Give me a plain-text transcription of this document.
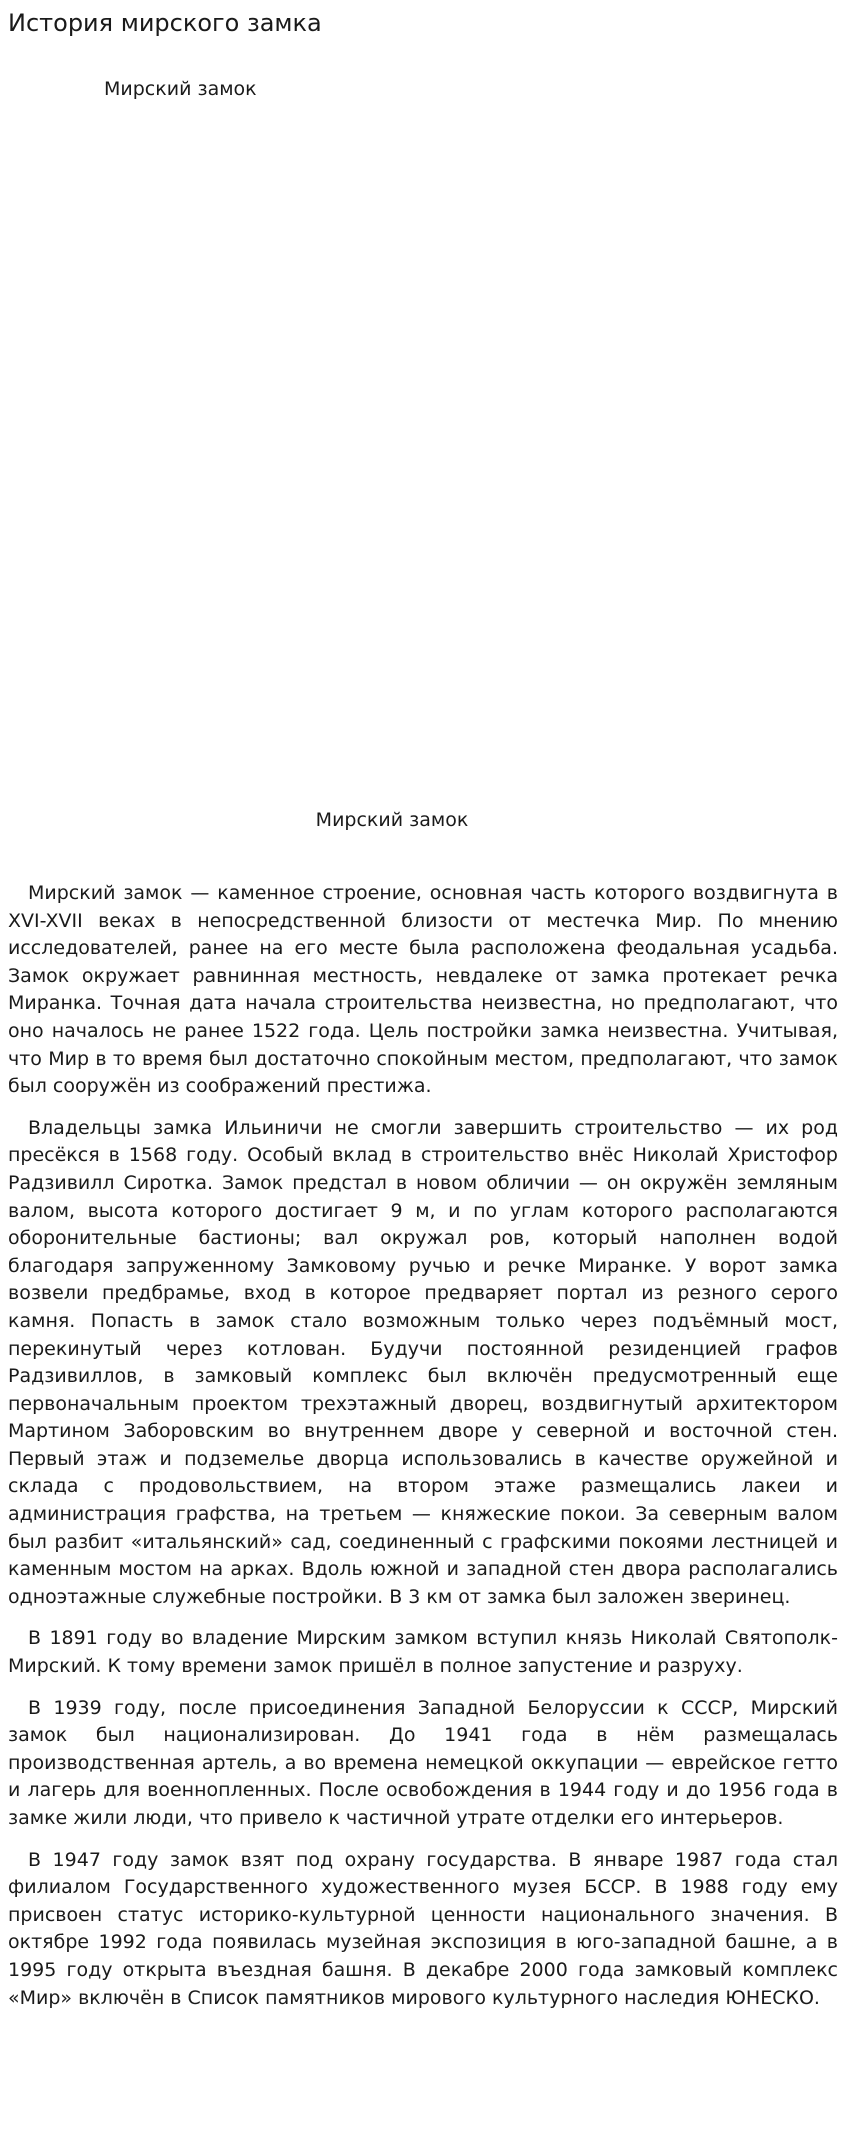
История мирского замка

Мирский замок

Мирский замок

Мирский замок — каменное строение, основная часть которого воздвигнута в XVI-XVII веках в непосредственной близости от местечка Мир. По мнению исследователей, ранее на его месте была расположена феодальная усадьба. Замок окружает равнинная местность, невдалеке от замка протекает речка Миранка. Точная дата начала строительства неизвестна, но предполагают, что оно началось не ранее 1522 года. Цель постройки замка неизвестна. Учитывая, что Мир в то время был достаточно спокойным местом, предполагают, что замок был сооружён из соображений престижа.

Владельцы замка Ильиничи не смогли завершить строительство — их род пресёкся в 1568 году. Особый вклад в строительство внёс Николай Христофор Радзивилл Сиротка. Замок предстал в новом обличии — он окружён земляным валом, высота которого достигает 9 м, и по углам которого располагаются оборонительные бастионы; вал окружал ров, который наполнен водой благодаря запруженному Замковому ручью и речке Миранке. У ворот замка возвели предбрамье, вход в которое предваряет портал из резного серого камня. Попасть в замок стало возможным только через подъёмный мост, перекинутый через котлован. Будучи постоянной резиденцией графов Радзивиллов, в замковый комплекс был включён предусмотренный еще первоначальным проектом трехэтажный дворец, воздвигнутый архитектором Мартином Заборовским во внутреннем дворе у северной и восточной стен. Первый этаж и подземелье дворца использовались в качестве оружейной и склада с продовольствием, на втором этаже размещались лакеи и администрация графства, на третьем — княжеские покои. За северным валом был разбит «итальянский» сад, соединенный с графскими покоями лестницей и каменным мостом на арках. Вдоль южной и западной стен двора располагались одноэтажные служебные постройки. В 3 км от замка был заложен зверинец.

В 1891 году во владение Мирским замком вступил князь Николай Святополк-Мирский. К тому времени замок пришёл в полное запустение и разруху.

В 1939 году, после присоединения Западной Белоруссии к СССР, Мирский замок был национализирован. До 1941 года в нём размещалась производственная артель, а во времена немецкой оккупации — еврейское гетто и лагерь для военнопленных. После освобождения в 1944 году и до 1956 года в замке жили люди, что привело к частичной утрате отделки его интерьеров.

В 1947 году замок взят под охрану государства. В январе 1987 года стал филиалом Государственного художественного музея БССР. В 1988 году ему присвоен статус историко-культурной ценности национального значения. В октябре 1992 года появилась музейная экспозиция в юго-западной башне, а в 1995 году открыта въездная башня. В декабре 2000 года замковый комплекс «Мир» включён в Список памятников мирового культурного наследия ЮНЕСКО.
